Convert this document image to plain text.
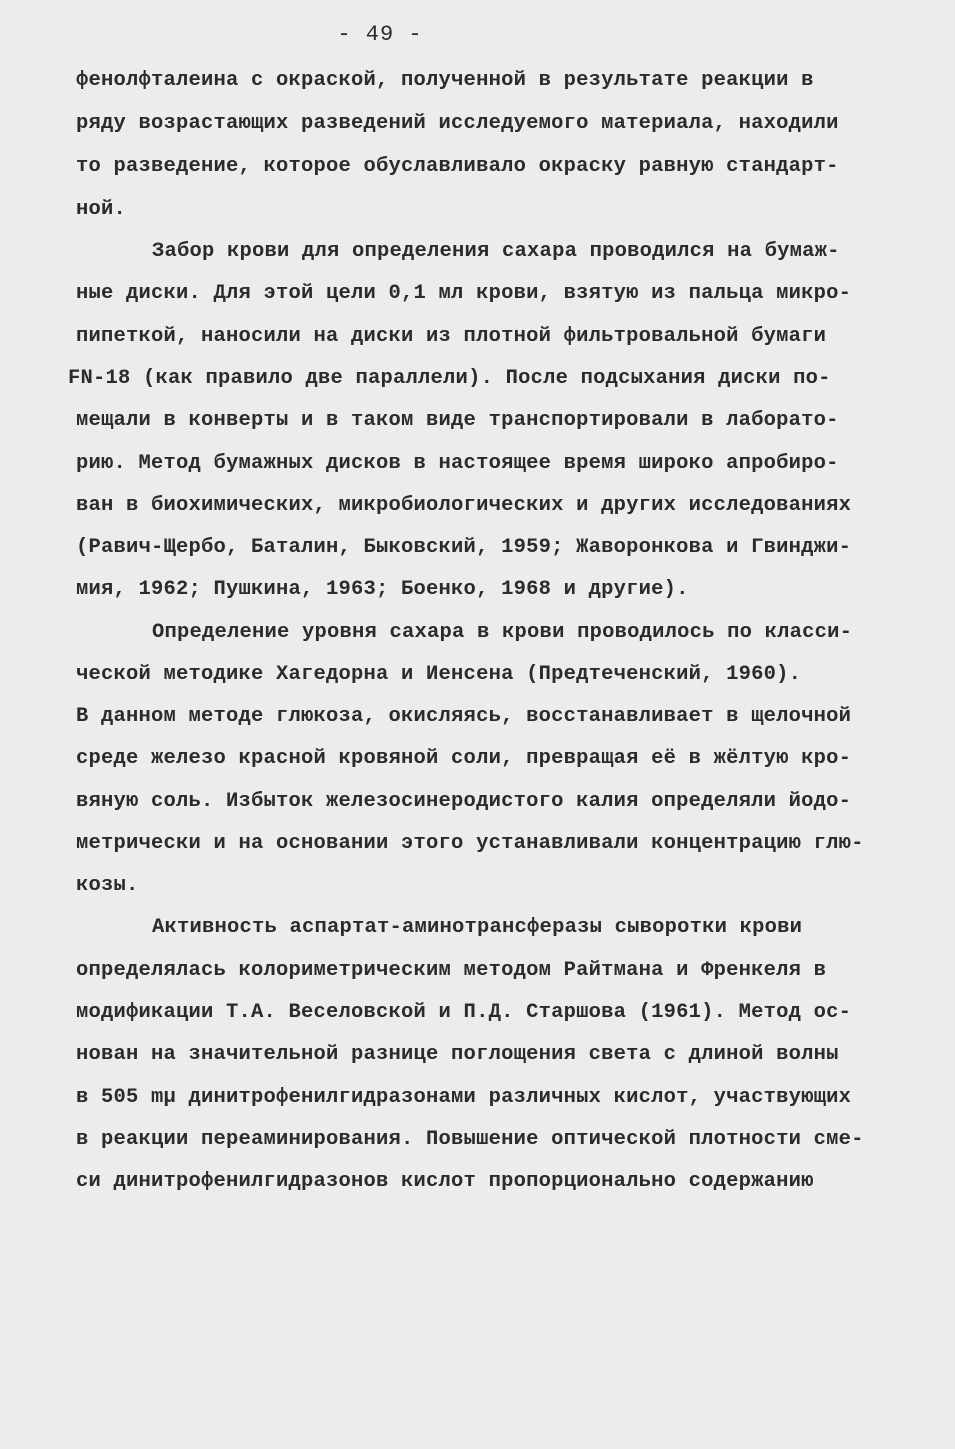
- 49 -
фенолфталеина с окраской, полученной в результате реакции в
ряду возрастающих разведений исследуемого материала, находили
то разведение, которое обуславливало окраску равную стандарт-
ной.
Забор крови для определения сахара проводился на бумаж-
ные диски. Для этой цели 0,1 мл крови, взятую из пальца микро-
пипеткой, наносили на диски из плотной фильтровальной бумаги
FN-18 (как правило две параллели). После подсыхания диски по-
мещали в конверты и в таком виде транспортировали в лаборато-
рию. Метод бумажных дисков в настоящее время широко апробиро-
ван в биохимических, микробиологических и других исследованиях
(Равич-Щербо, Баталин, Быковский, 1959; Жаворонкова и Гвинджи-
мия, 1962; Пушкина, 1963; Боенко, 1968 и другие).
Определение уровня сахара в крови проводилось по класси-
ческой методике Хагедорна и Иенсена (Предтеченский, 1960).
В данном методе глюкоза, окисляясь, восстанавливает в щелочной
среде железо красной кровяной соли, превращая её в жёлтую кро-
вяную соль. Избыток железосинеродистого калия определяли йодо-
метрически и на основании этого устанавливали концентрацию глю-
козы.
Активность аспартат-аминотрансферазы сыворотки крови
определялась колориметрическим методом Райтмана и Френкеля в
модификации Т.А. Веселовской и П.Д. Старшова (1961). Метод ос-
нован на значительной разнице поглощения света с длиной волны
в 505 mμ динитрофенилгидразонами различных кислот, участвующих
в реакции переаминирования. Повышение оптической плотности сме-
си динитрофенилгидразонов кислот пропорционально содержанию
